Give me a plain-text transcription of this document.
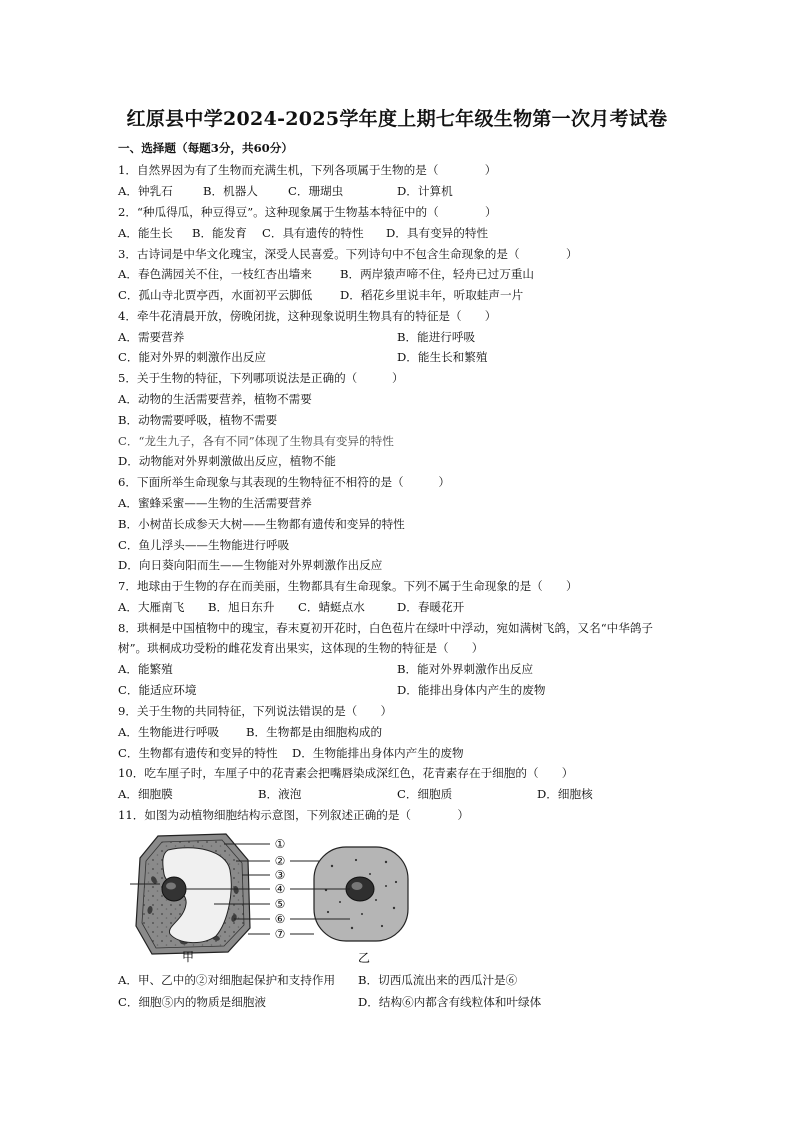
红原县中学2024-2025学年度上期七年级生物第一次月考试卷
一、选择题（每题3分，共60分）
1．自然界因为有了生物而充满生机，下列各项属于生物的是（　　　　）
A．钟乳石	B．机器人	C．珊瑚虫	D．计算机
2．“种瓜得瓜，种豆得豆”。这种现象属于生物基本特征中的（　　　　）
A．能生长 B．能发育 C．具有遗传的特性 D．具有变异的特性
3．古诗词是中华文化瑰宝，深受人民喜爱。下列诗句中不包含生命现象的是（　　　　）
A．春色满园关不住，一枝红杏出墙来 B．两岸猿声啼不住，轻舟已过万重山
C．孤山寺北贾亭西，水面初平云脚低 D．稻花乡里说丰年，听取蛙声一片
4．牵牛花清晨开放，傍晚闭拢，这种现象说明生物具有的特征是（　　）
A．需要营养	B．能进行呼吸
C．能对外界的刺激作出反应	D．能生长和繁殖
5．关于生物的特征，下列哪项说法是正确的（　　　）
A．动物的生活需要营养，植物不需要
B．动物需要呼吸，植物不需要
C．“龙生九子，各有不同”体现了生物具有变异的特性
D．动物能对外界刺激做出反应，植物不能
6．下面所举生命现象与其表现的生物特征不相符的是（　　　）
A．蜜蜂采蜜——生物的生活需要营养
B．小树苗长成参天大树——生物都有遗传和变异的特性
C．鱼儿浮头——生物能进行呼吸
D．向日葵向阳而生——生物能对外界刺激作出反应
7．地球由于生物的存在而美丽，生物都具有生命现象。下列不属于生命现象的是（　　）
A．大雁南飞 B．旭日东升 C．蜻蜓点水	D．春暖花开
8．珙桐是中国植物中的瑰宝，春末夏初开花时，白色苞片在绿叶中浮动，宛如满树飞鸽，又名“中华鸽子
树”。珙桐成功受粉的雌花发育出果实，这体现的生物的特征是（　　）
A．能繁殖	B．能对外界刺激作出反应
C．能适应环境	D．能排出身体内产生的废物
9．关于生物的共同特征，下列说法错误的是（　　）
A．生物能进行呼吸 B．生物都是由细胞构成的
C．生物都有遗传和变异的特性 D．生物能排出身体内产生的废物
10．吃车厘子时，车厘子中的花青素会把嘴唇染成深红色，花青素存在于细胞的（　　）
A．细胞膜	B．液泡	C．细胞质	D．细胞核
11．如图为动植物细胞结构示意图，下列叙述正确的是（　　　　）
①
②
③
④
⑤
⑥
⑦
甲	乙
A．甲、乙中的②对细胞起保护和支持作用 B．切西瓜流出来的西瓜汁是⑥
C．细胞⑤内的物质是细胞液	D．结构⑥内都含有线粒体和叶绿体
